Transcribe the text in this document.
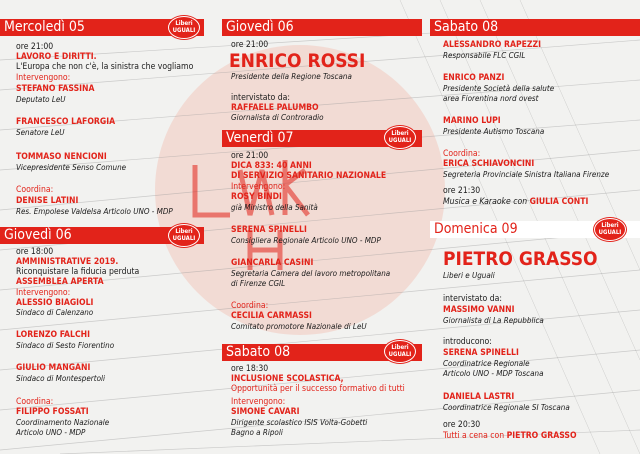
Mercoledì 05	Liberi
UGUALI
ore 21:00
LAVORO E DIRITTI.
L'Europa che non c'è, la sinistra che vogliamo
Intervengono:
STEFANO FASSINA
Deputato LeU
FRANCESCO LAFORGIA
Senatore LeU
TOMMASO NENCIONI
Vicepresidente Senso Comune
Coordina:
DENISE LATINI
Res. Empolese Valdelsa Articolo UNO - MDP
Giovedì 06	Liberi
UGUALI
ore 18:00
AMMINISTRATIVE 2019.
Riconquistare la fiducia perduta
ASSEMBLEA APERTA
Intervengono:
ALESSIO BIAGIOLI
Sindaco di Calenzano
LORENZO FALCHI
Sindaco di Sesto Fiorentino
GIULIO MANGANI
Sindaco di Montespertoli
Coordina:
FILIPPO FOSSATI
Coordinamento Nazionale
Articolo UNO - MDP
Giovedì 06
ore 21:00
ENRICO ROSSI
Presidente della Regione Toscana
intervistato da:
RAFFAELE PALUMBO
Giornalista di Controradio
Venerdì 07	Liberi
UGUALI
ore 21:00
DICA 833: 40 ANNI
DI SERVIZIO SANITARIO NAZIONALE
Intervengono:
ROSY BINDI
già Ministro della Sanità
SERENA SPINELLI
Consigliera Regionale Articolo UNO - MDP
GIANCARLA CASINI
Segretaria Camera del lavoro metropolitana
di Firenze CGIL
Coordina:
CECILIA CARMASSI
Comitato promotore Nazionale di LeU
Sabato 08	Liberi
UGUALI
ore 18:30
INCLUSIONE SCOLASTICA,
Opportunità per il successo formativo di tutti
Intervengono:
SIMONE CAVARI
Dirigente scolastico ISIS Volta-Gobetti
Bagno a Ripoli
Sabato 08
ALESSANDRO RAPEZZI
Responsabile FLC CGIL
ENRICO PANZI
Presidente Società della salute
area Fiorentina nord ovest
MARINO LUPI
Presidente Autismo Toscana
Coordina:
ERICA SCHIAVONCINI
Segreteria Provinciale Sinistra Italiana Firenze
ore 21:30
Musica e Karaoke con GIULIA CONTI
Domenica 09	Liberi
UGUALI
PIETRO GRASSO
Liberi e Uguali
intervistato da:
MASSIMO VANNI
Giornalista di La Repubblica
introducono:
SERENA SPINELLI
Coordinatrice Regionale
Articolo UNO - MDP Toscana
DANIELA LASTRI
Coordinatrice Regionale SI Toscana
ore 20:30
Tutti a cena con PIETRO GRASSO
